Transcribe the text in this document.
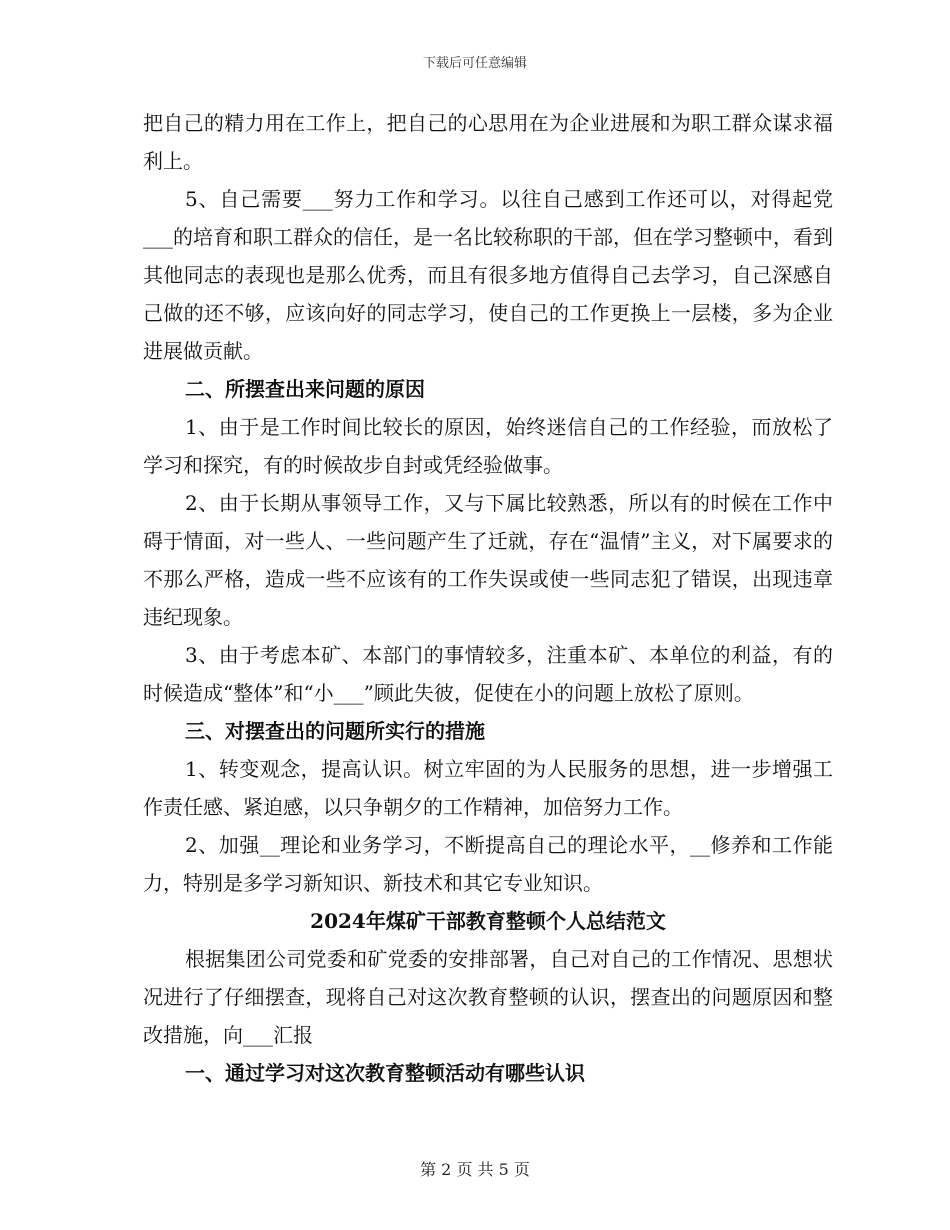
下载后可任意编辑

把自己的精力用在工作上，把自己的心思用在为企业进展和为职工群众谋求福利上。

5、自己需要___努力工作和学习。以往自己感到工作还可以，对得起党___的培育和职工群众的信任，是一名比较称职的干部，但在学习整顿中，看到其他同志的表现也是那么优秀，而且有很多地方值得自己去学习，自己深感自己做的还不够，应该向好的同志学习，使自己的工作更换上一层楼，多为企业进展做贡献。

二、所摆查出来问题的原因

1、由于是工作时间比较长的原因，始终迷信自己的工作经验，而放松了学习和探究，有的时候故步自封或凭经验做事。

2、由于长期从事领导工作，又与下属比较熟悉，所以有的时候在工作中碍于情面，对一些人、一些问题产生了迁就，存在“温情”主义，对下属要求的不那么严格，造成一些不应该有的工作失误或使一些同志犯了错误，出现违章违纪现象。

3、由于考虑本矿、本部门的事情较多，注重本矿、本单位的利益，有的时候造成“整体”和“小___”顾此失彼，促使在小的问题上放松了原则。

三、对摆查出的问题所实行的措施

1、转变观念，提高认识。树立牢固的为人民服务的思想，进一步增强工作责任感、紧迫感，以只争朝夕的工作精神，加倍努力工作。

2、加强__理论和业务学习，不断提高自己的理论水平，__修养和工作能力，特别是多学习新知识、新技术和其它专业知识。

2024年煤矿干部教育整顿个人总结范文

根据集团公司党委和矿党委的安排部署，自己对自己的工作情况、思想状况进行了仔细摆查，现将自己对这次教育整顿的认识，摆查出的问题原因和整改措施，向___汇报

一、通过学习对这次教育整顿活动有哪些认识

第 2 页 共 5 页
